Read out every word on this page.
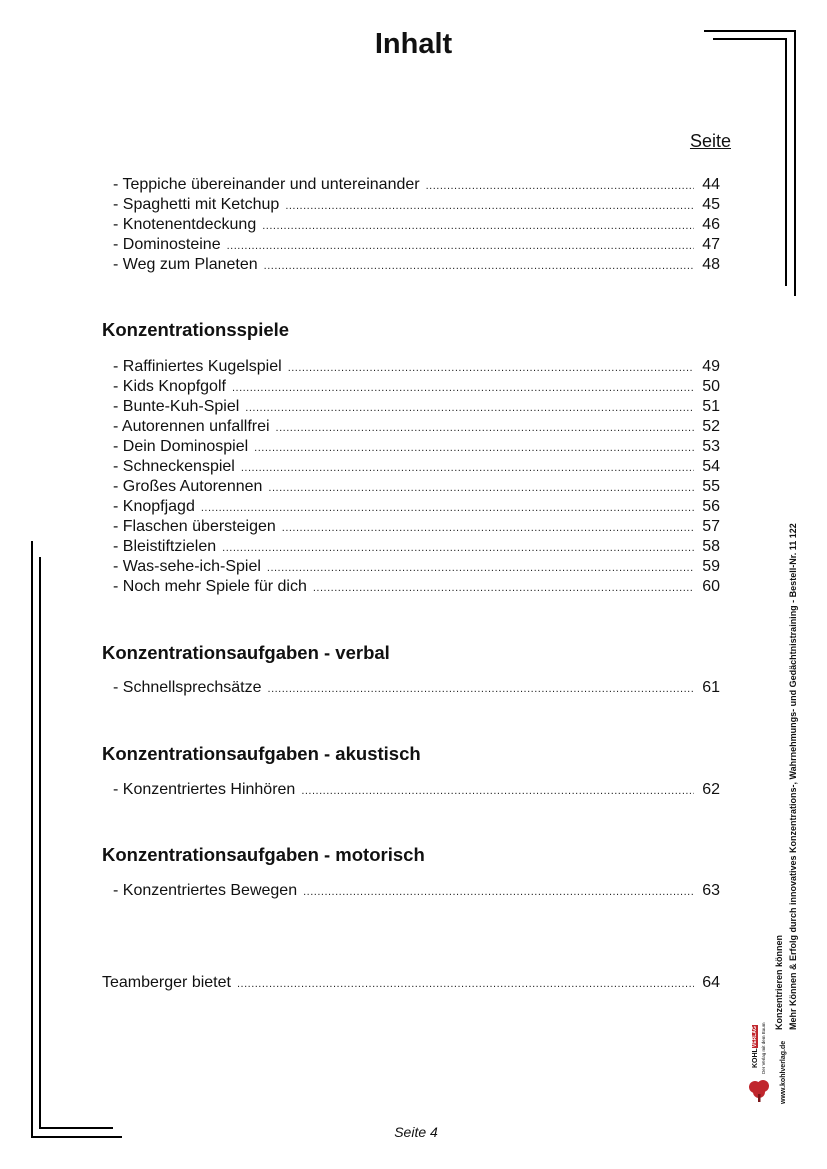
Inhalt
Seite
- Teppiche übereinander und untereinander .....	44
- Spaghetti mit Ketchup .....	45
- Knotenentdeckung .....	46
- Dominosteine .....	47
- Weg zum Planeten .....	48
Konzentrationsspiele
- Raffiniertes Kugelspiel .....	49
- Kids Knopfgolf .....	50
- Bunte-Kuh-Spiel .....	51
- Autorennen unfallfrei .....	52
- Dein Dominospiel .....	53
- Schneckenspiel .....	54
- Großes Autorennen .....	55
- Knopfjagd .....	56
- Flaschen übersteigen .....	57
- Bleistiftzielen .....	58
- Was-sehe-ich-Spiel .....	59
- Noch mehr Spiele für dich .....	60
Konzentrationsaufgaben - verbal
- Schnellsprechsätze .....	61
Konzentrationsaufgaben - akustisch
- Konzentriertes Hinhören .....	62
Konzentrationsaufgaben - motorisch
- Konzentriertes Bewegen .....	63
Teamberger bietet .....	64	Konzentrieren können Mehr Können & Erfolg durch innovatives Konzentrations-, Wahrnehmungs- und Gedächtnistraining - Bestell-Nr. 11 122
KOHL
VERLAG Der Verlag mit dem Baum www.kohlverlag.de
Seite 4
